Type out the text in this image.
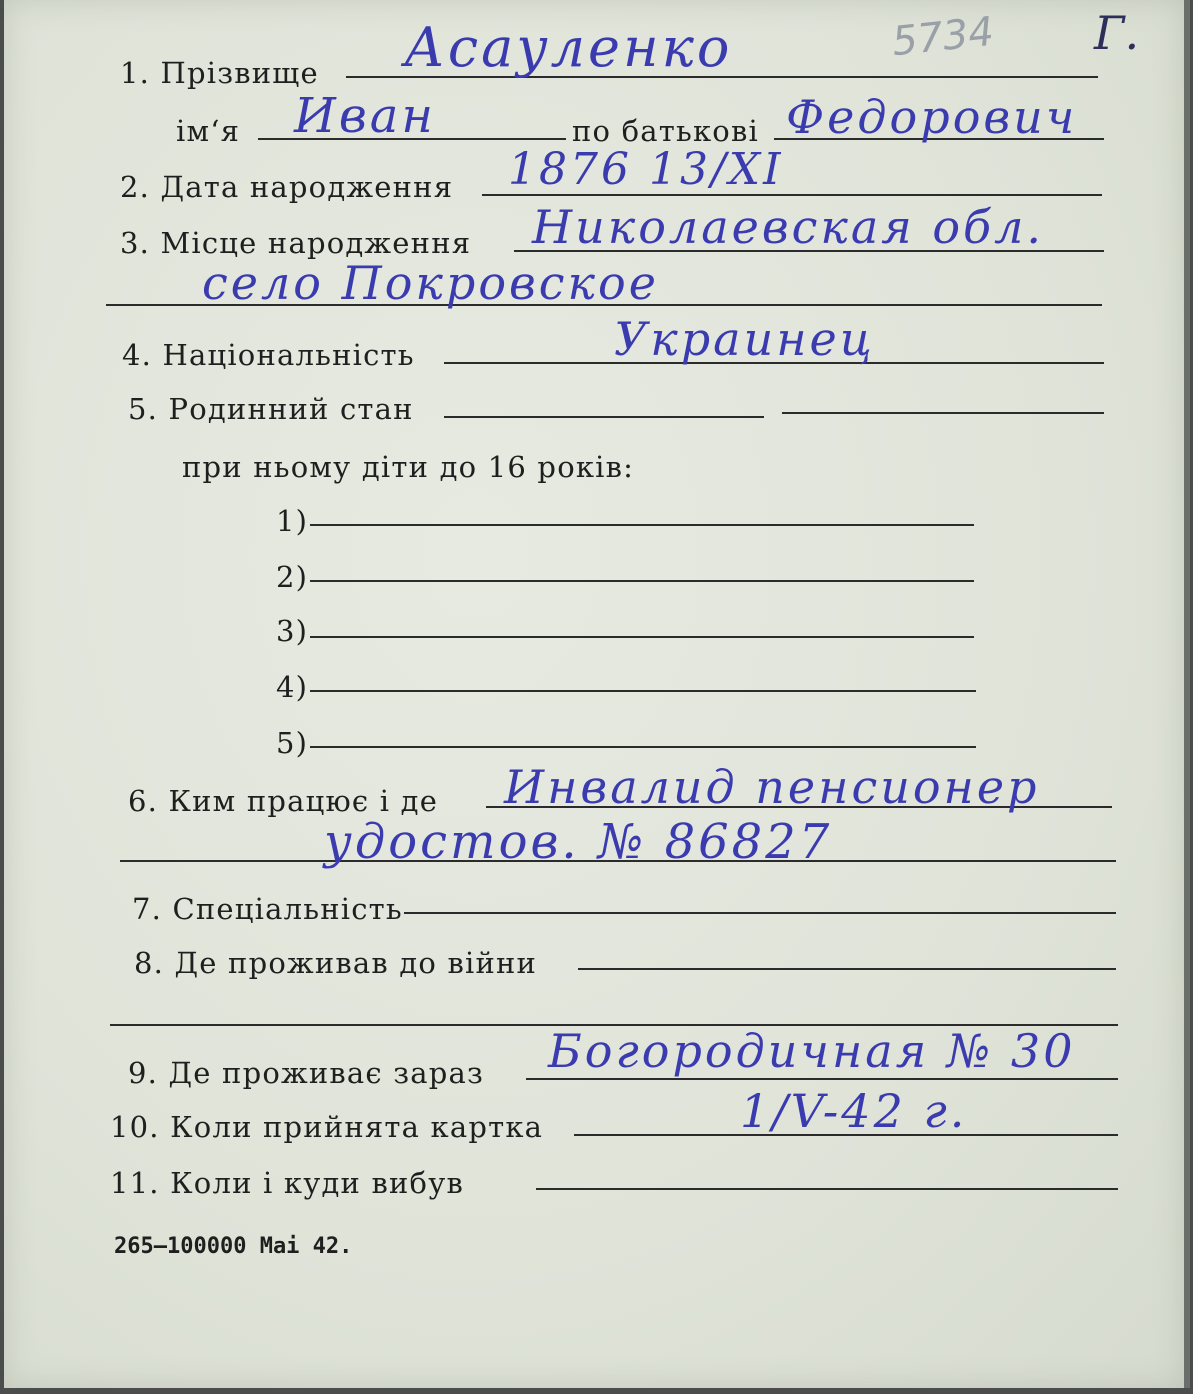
5734 Г.
1. Прізвище Асауленко
ім‘я Иван	по батькові Федорович
2. Дата народження 1876 13/XI
3. Місце народження Николаевская обл.
село Покровское
4. Національність	Украинец
5. Родинний стан
при ньому діти до 16 років:
1)
2)
3)
4)
5)
6. Ким працює і де Инвалид пенсионер
удостов. № 86827
7. Спеціальність
8. Де проживав до війни
9. Де проживає зараз Богородичная № 30
10. Коли прийнята картка	1/V-42 г.
11. Коли і куди вибув
265–100000 Маі 42.
